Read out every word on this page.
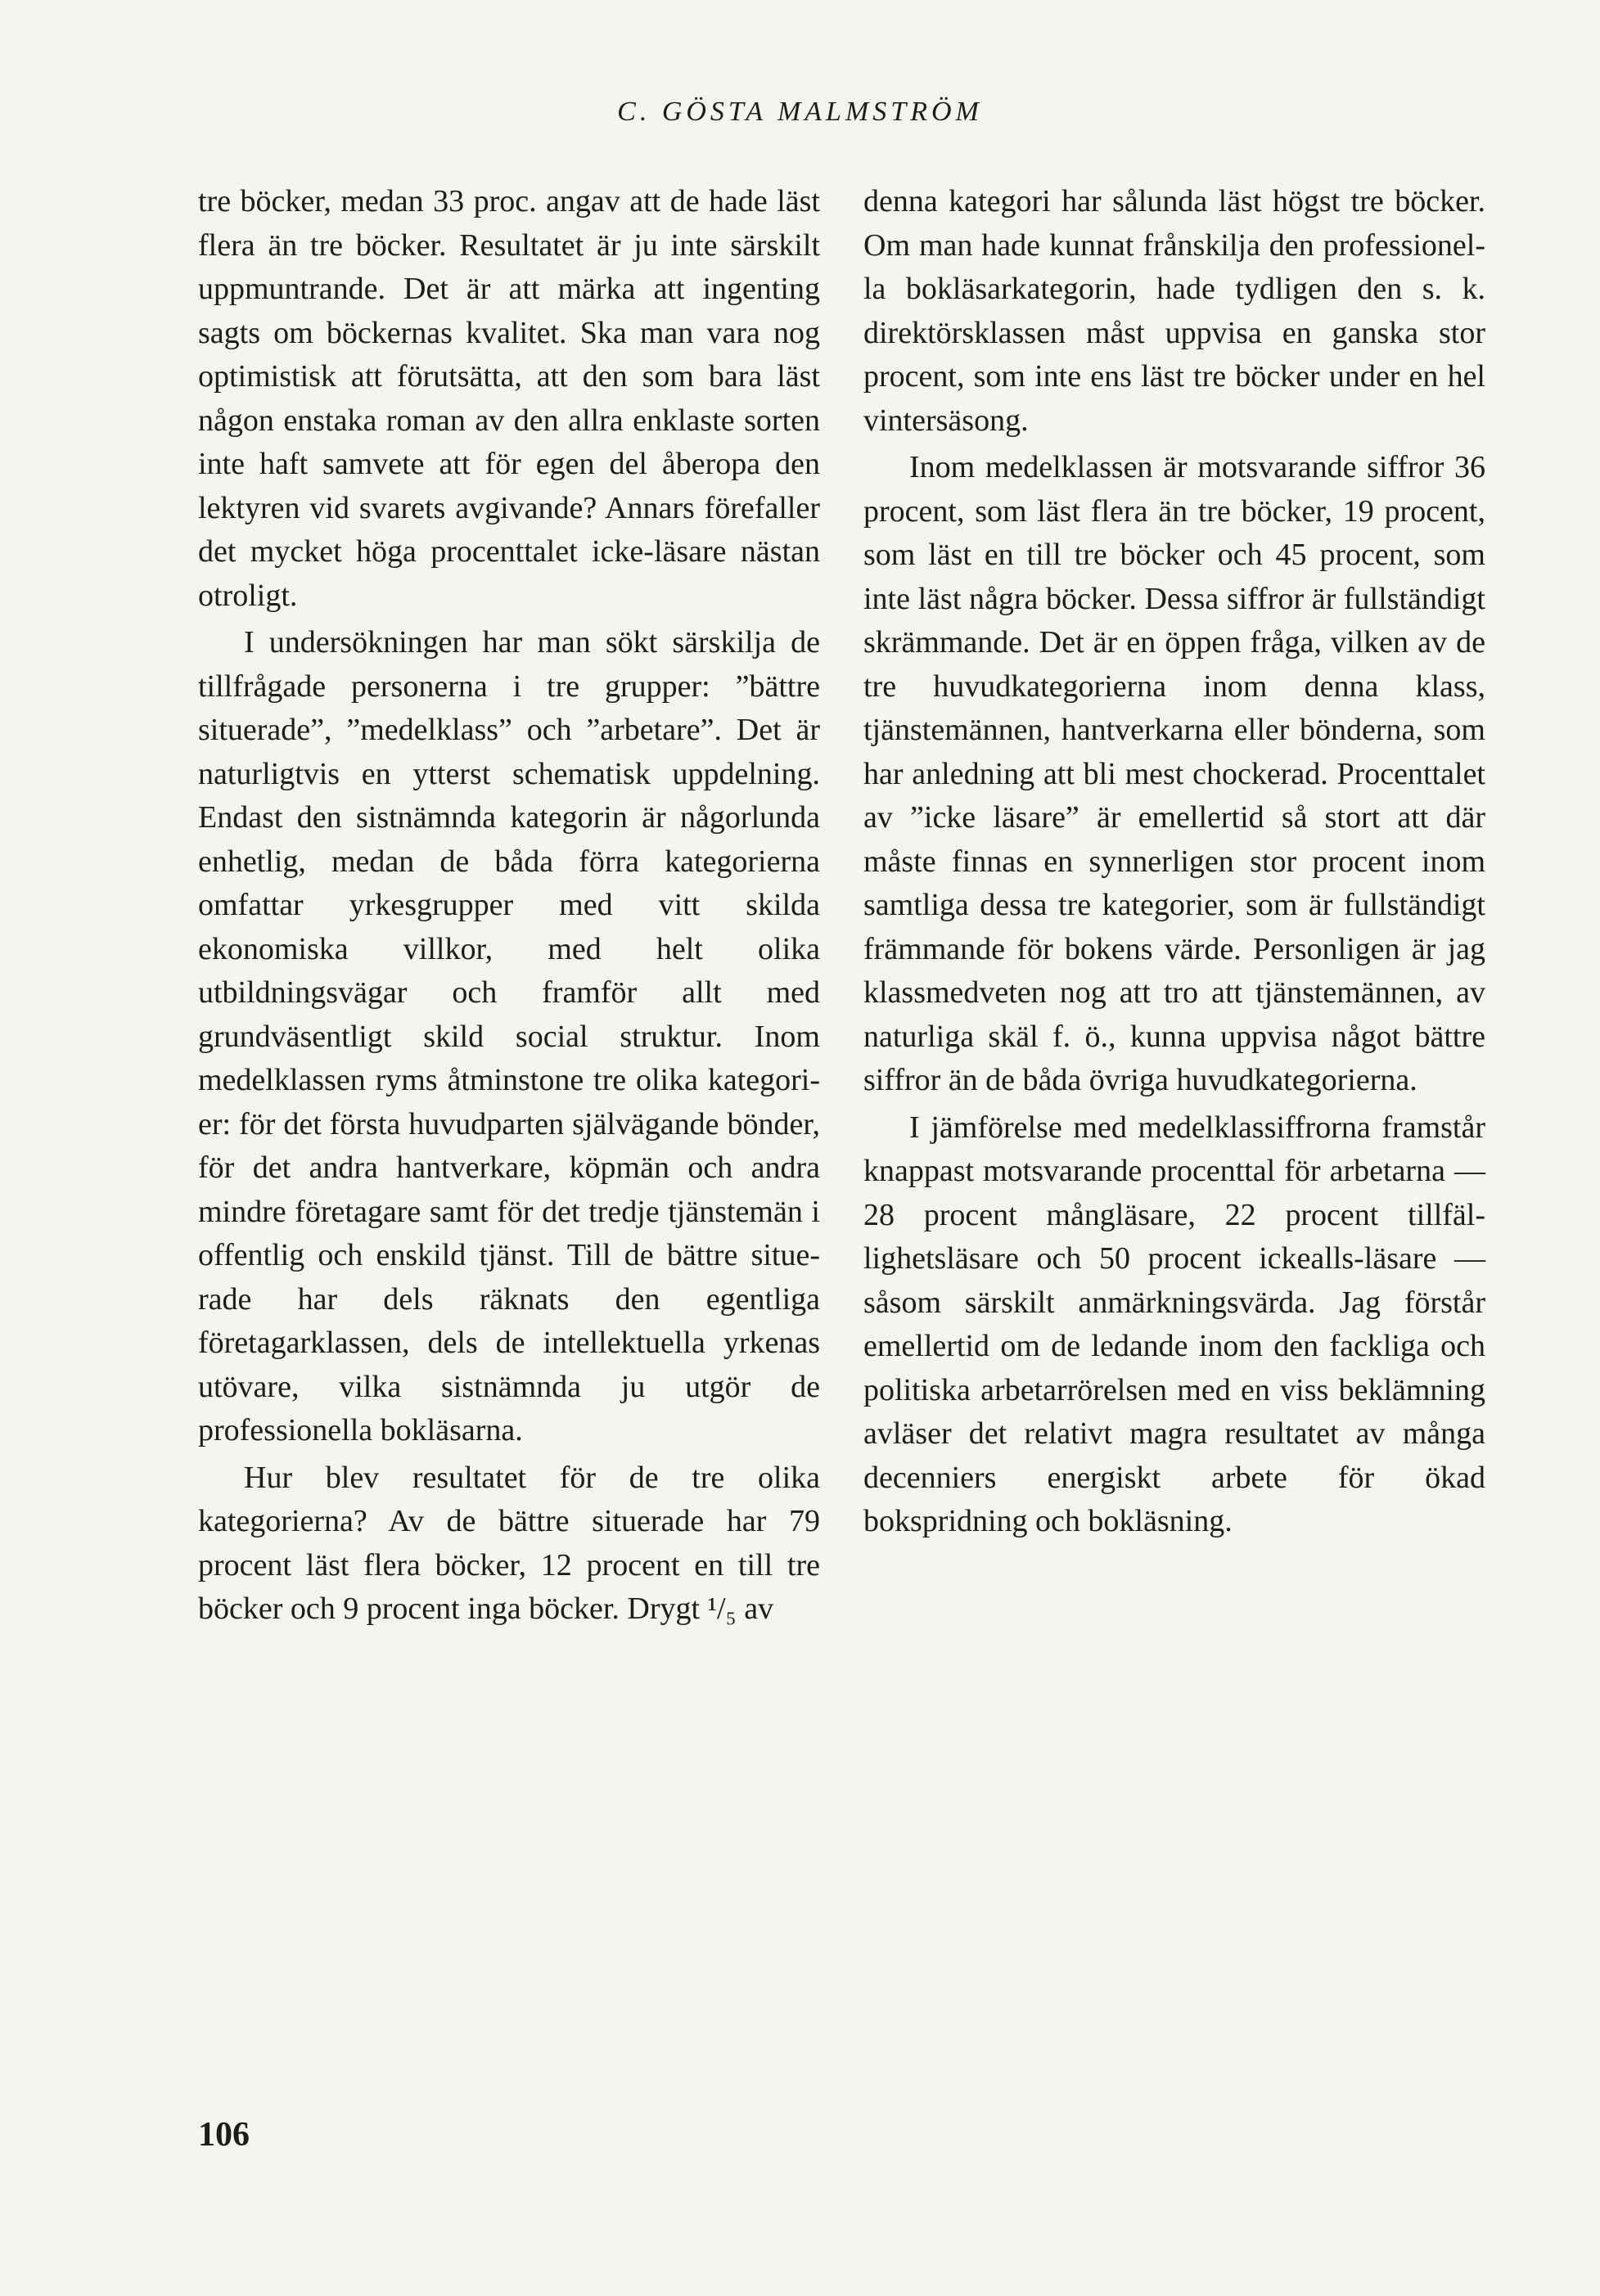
C. GÖSTA MALMSTRÖM

tre böcker, medan 33 proc. angav att de hade läst flera än tre böcker. Resultatet är ju inte särskilt uppmuntrande. Det är att märka att ingenting sagts om böckernas kvalitet. Ska man vara nog optimistisk att förutsätta, att den som bara läst någon enstaka roman av den allra enklaste sorten inte haft samvete att för egen del åberopa den lektyren vid svarets avgivande? Annars förefaller det mycket höga procenttalet icke-läsare nästan otroligt.

I undersökningen har man sökt särskilja de tillfrågade personerna i tre grupper: ”bättre situerade”, ”medelklass” och ”arbetare”. Det är naturligtvis en ytterst schematisk uppdelning. Endast den sistnämnda kategorin är någorlunda enhetlig, medan de båda förra kategorierna omfattar yrkesgrupper med vitt skilda ekonomiska villkor, med helt olika utbildningsvägar och framför allt med grundväsentligt skild social struktur. Inom medelklassen ryms åtminstone tre olika kategorier: för det första huvudparten självägande bönder, för det andra hantverkare, köpmän och andra mindre företagare samt för det tredje tjänstemän i offentlig och enskild tjänst. Till de bättre situerade har dels räknats den egentliga företagarklassen, dels de intellektuella yrkenas utövare, vilka sistnämnda ju utgör de professionella bokläsarna.

Hur blev resultatet för de tre olika kategorierna? Av de bättre situerade har 79 procent läst flera böcker, 12 procent en till tre böcker och 9 procent inga böcker. Drygt ¹/₅ av

denna kategori har sålunda läst högst tre böcker. Om man hade kunnat frånskilja den professionella bokläsarkategorin, hade tydligen den s. k. direktörsklassen måst uppvisa en ganska stor procent, som inte ens läst tre böcker under en hel vintersäsong.

Inom medelklassen är motsvarande siffror 36 procent, som läst flera än tre böcker, 19 procent, som läst en till tre böcker och 45 procent, som inte läst några böcker. Dessa siffror är fullständigt skrämmande. Det är en öppen fråga, vilken av de tre huvudkategorierna inom denna klass, tjänstemännen, hantverkarna eller bönderna, som har anledning att bli mest chockerad. Procenttalet av ”icke läsare” är emellertid så stort att där måste finnas en synnerligen stor procent inom samtliga dessa tre kategorier, som är fullständigt främmande för bokens värde. Personligen är jag klassmedveten nog att tro att tjänstemännen, av naturliga skäl f. ö., kunna uppvisa något bättre siffror än de båda övriga huvudkategorierna.

I jämförelse med medelklassiffrorna framstår knappast motsvarande procenttal för arbetarna — 28 procent mångläsare, 22 procent tillfällighetsläsare och 50 procent ickealls-läsare — såsom särskilt anmärkningsvärda. Jag förstår emellertid om de ledande inom den fackliga och politiska arbetarrörelsen med en viss beklämning avläser det relativt magra resultatet av många decenniers energiskt arbete för ökad bokspridning och bokläsning.

106
